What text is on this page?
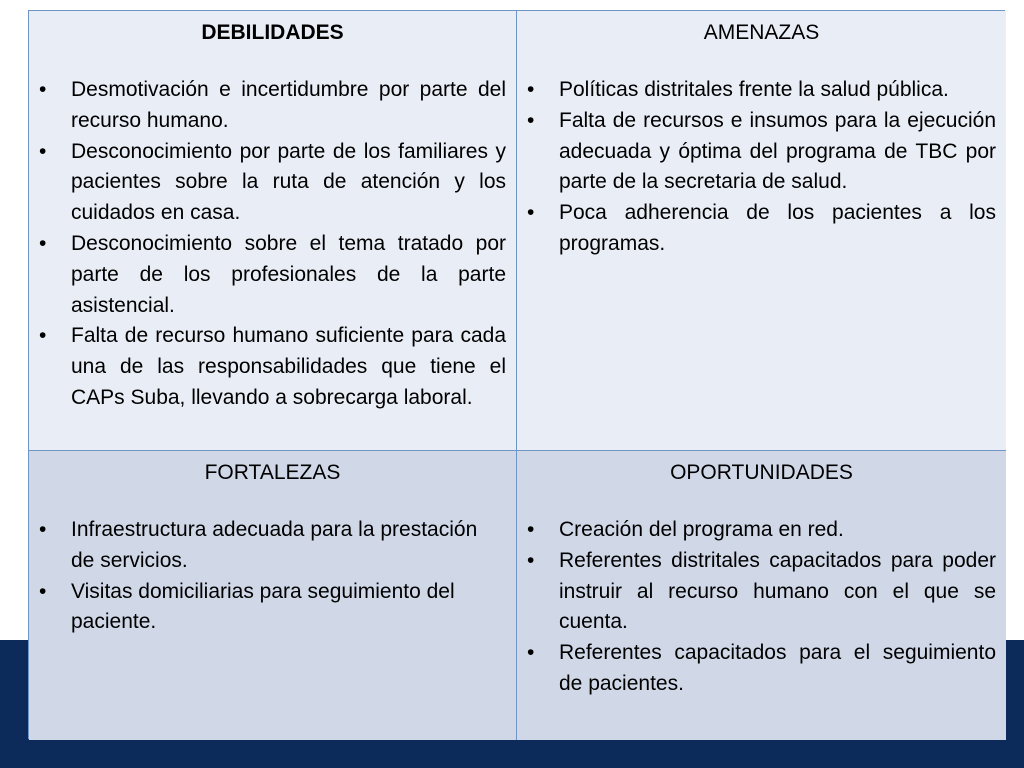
DEBILIDADES
•	Desmotivación e incertidumbre por parte del recurso humano.
•	Desconocimiento por parte de los familiares y pacientes sobre la ruta de atención y los cuidados en casa.
•	Desconocimiento sobre el tema tratado por parte de los profesionales de la parte asistencial.
•	Falta de recurso humano suficiente para cada una de las responsabilidades que tiene el CAPs Suba, llevando a sobrecarga laboral.
AMENAZAS
•	Políticas distritales frente la salud pública.
•	Falta de recursos e insumos para la ejecución adecuada y óptima del programa de TBC por parte de la secretaria de salud.
•	Poca adherencia de los pacientes a los programas.
FORTALEZAS
•	Infraestructura adecuada para la prestación de servicios.
•	Visitas domiciliarias para seguimiento del paciente.
OPORTUNIDADES
•	Creación del programa en red.
•	Referentes distritales capacitados para poder instruir al recurso humano con el que se cuenta.
•	Referentes capacitados para el seguimiento de pacientes.
